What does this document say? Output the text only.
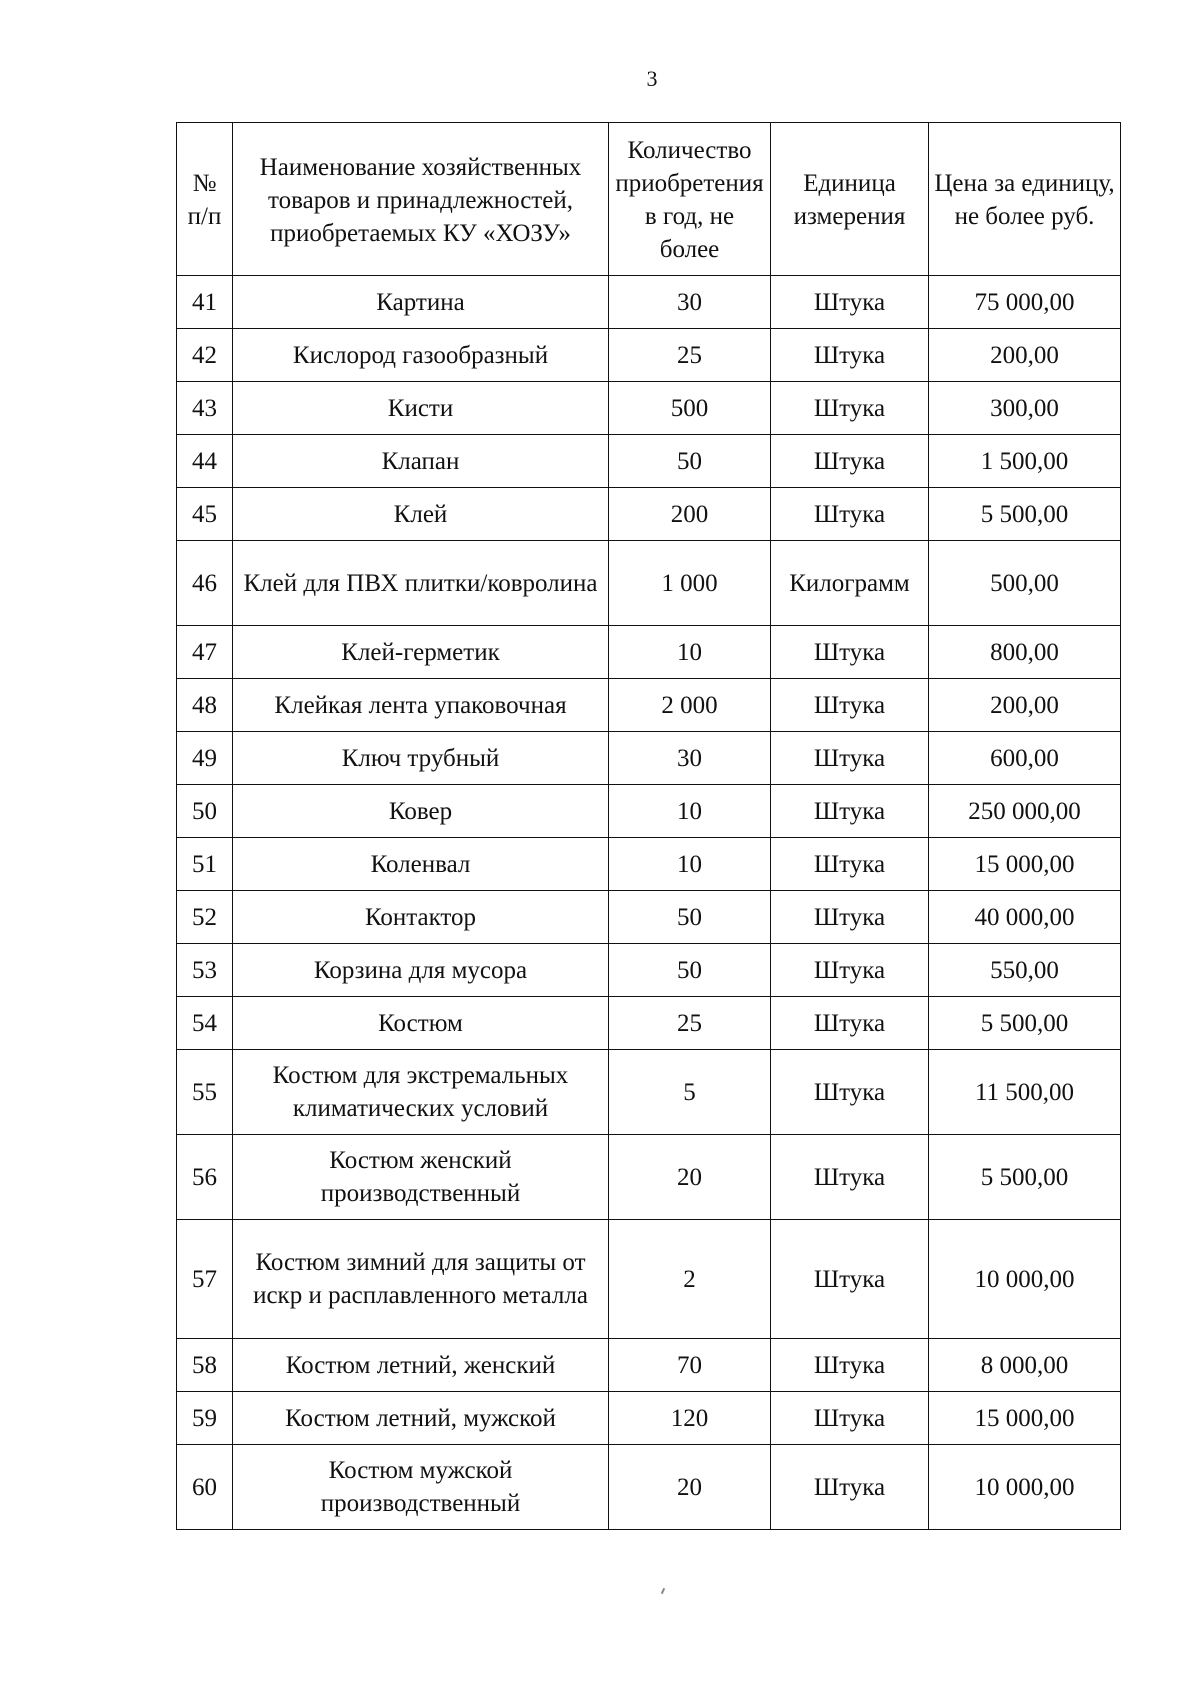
3
№ п/п	Наименование хозяйственных товаров и принадлежностей, приобретаемых КУ «ХОЗУ»	Количество приобретения в год, не более	Единица измерения	Цена за единицу, не более руб.
41	Картина	30	Штука	75 000,00
42	Кислород газообразный	25	Штука	200,00
43	Кисти	500	Штука	300,00
44	Клапан	50	Штука	1 500,00
45	Клей	200	Штука	5 500,00
46	Клей для ПВХ плитки/ковролина	1 000	Килограмм	500,00
47	Клей-герметик	10	Штука	800,00
48	Клейкая лента упаковочная	2 000	Штука	200,00
49	Ключ трубный	30	Штука	600,00
50	Ковер	10	Штука	250 000,00
51	Коленвал	10	Штука	15 000,00
52	Контактор	50	Штука	40 000,00
53	Корзина для мусора	50	Штука	550,00
54	Костюм	25	Штука	5 500,00
55	Костюм для экстремальных климатических условий	5	Штука	11 500,00
56	Костюм женский производственный	20	Штука	5 500,00
57	Костюм зимний для защиты от искр и расплавленного металла	2	Штука	10 000,00
58	Костюм летний, женский	70	Штука	8 000,00
59	Костюм летний, мужской	120	Штука	15 000,00
60	Костюм мужской производственный	20	Штука	10 000,00
